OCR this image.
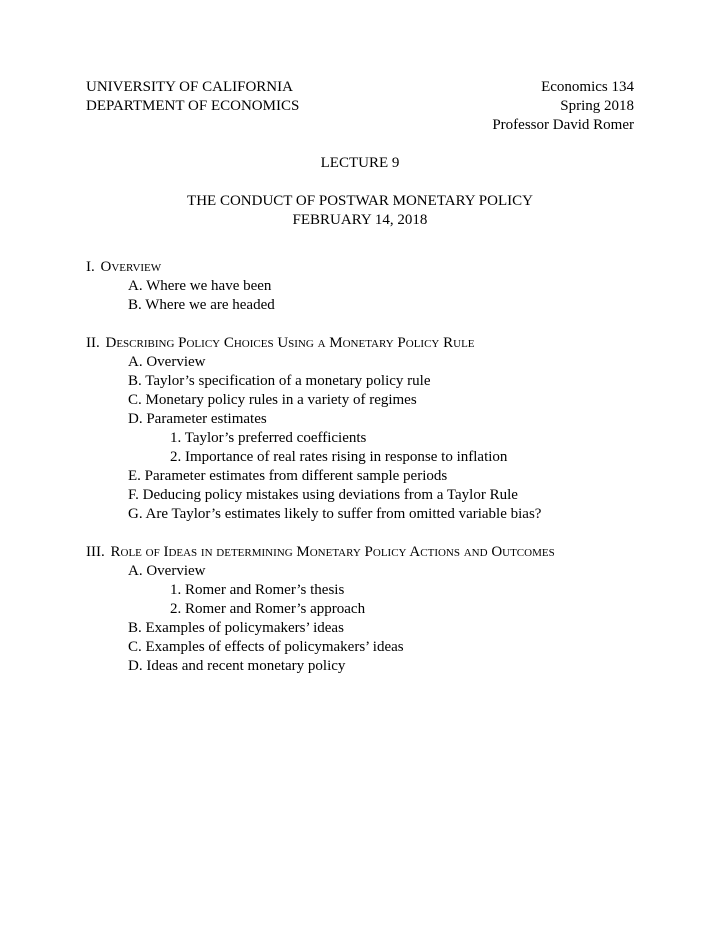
UNIVERSITY OF CALIFORNIA
DEPARTMENT OF ECONOMICS
Economics 134
Spring 2018
Professor David Romer
LECTURE 9
THE CONDUCT OF POSTWAR MONETARY POLICY
FEBRUARY 14, 2018
I. Overview
A. Where we have been
B. Where we are headed
II. Describing Policy Choices Using a Monetary Policy Rule
A. Overview
B. Taylor’s specification of a monetary policy rule
C. Monetary policy rules in a variety of regimes
D. Parameter estimates
1. Taylor’s preferred coefficients
2. Importance of real rates rising in response to inflation
E. Parameter estimates from different sample periods
F. Deducing policy mistakes using deviations from a Taylor Rule
G. Are Taylor’s estimates likely to suffer from omitted variable bias?
III. Role of Ideas in determining Monetary Policy Actions and Outcomes
A. Overview
1. Romer and Romer’s thesis
2. Romer and Romer’s approach
B. Examples of policymakers’ ideas
C. Examples of effects of policymakers’ ideas
D. Ideas and recent monetary policy
